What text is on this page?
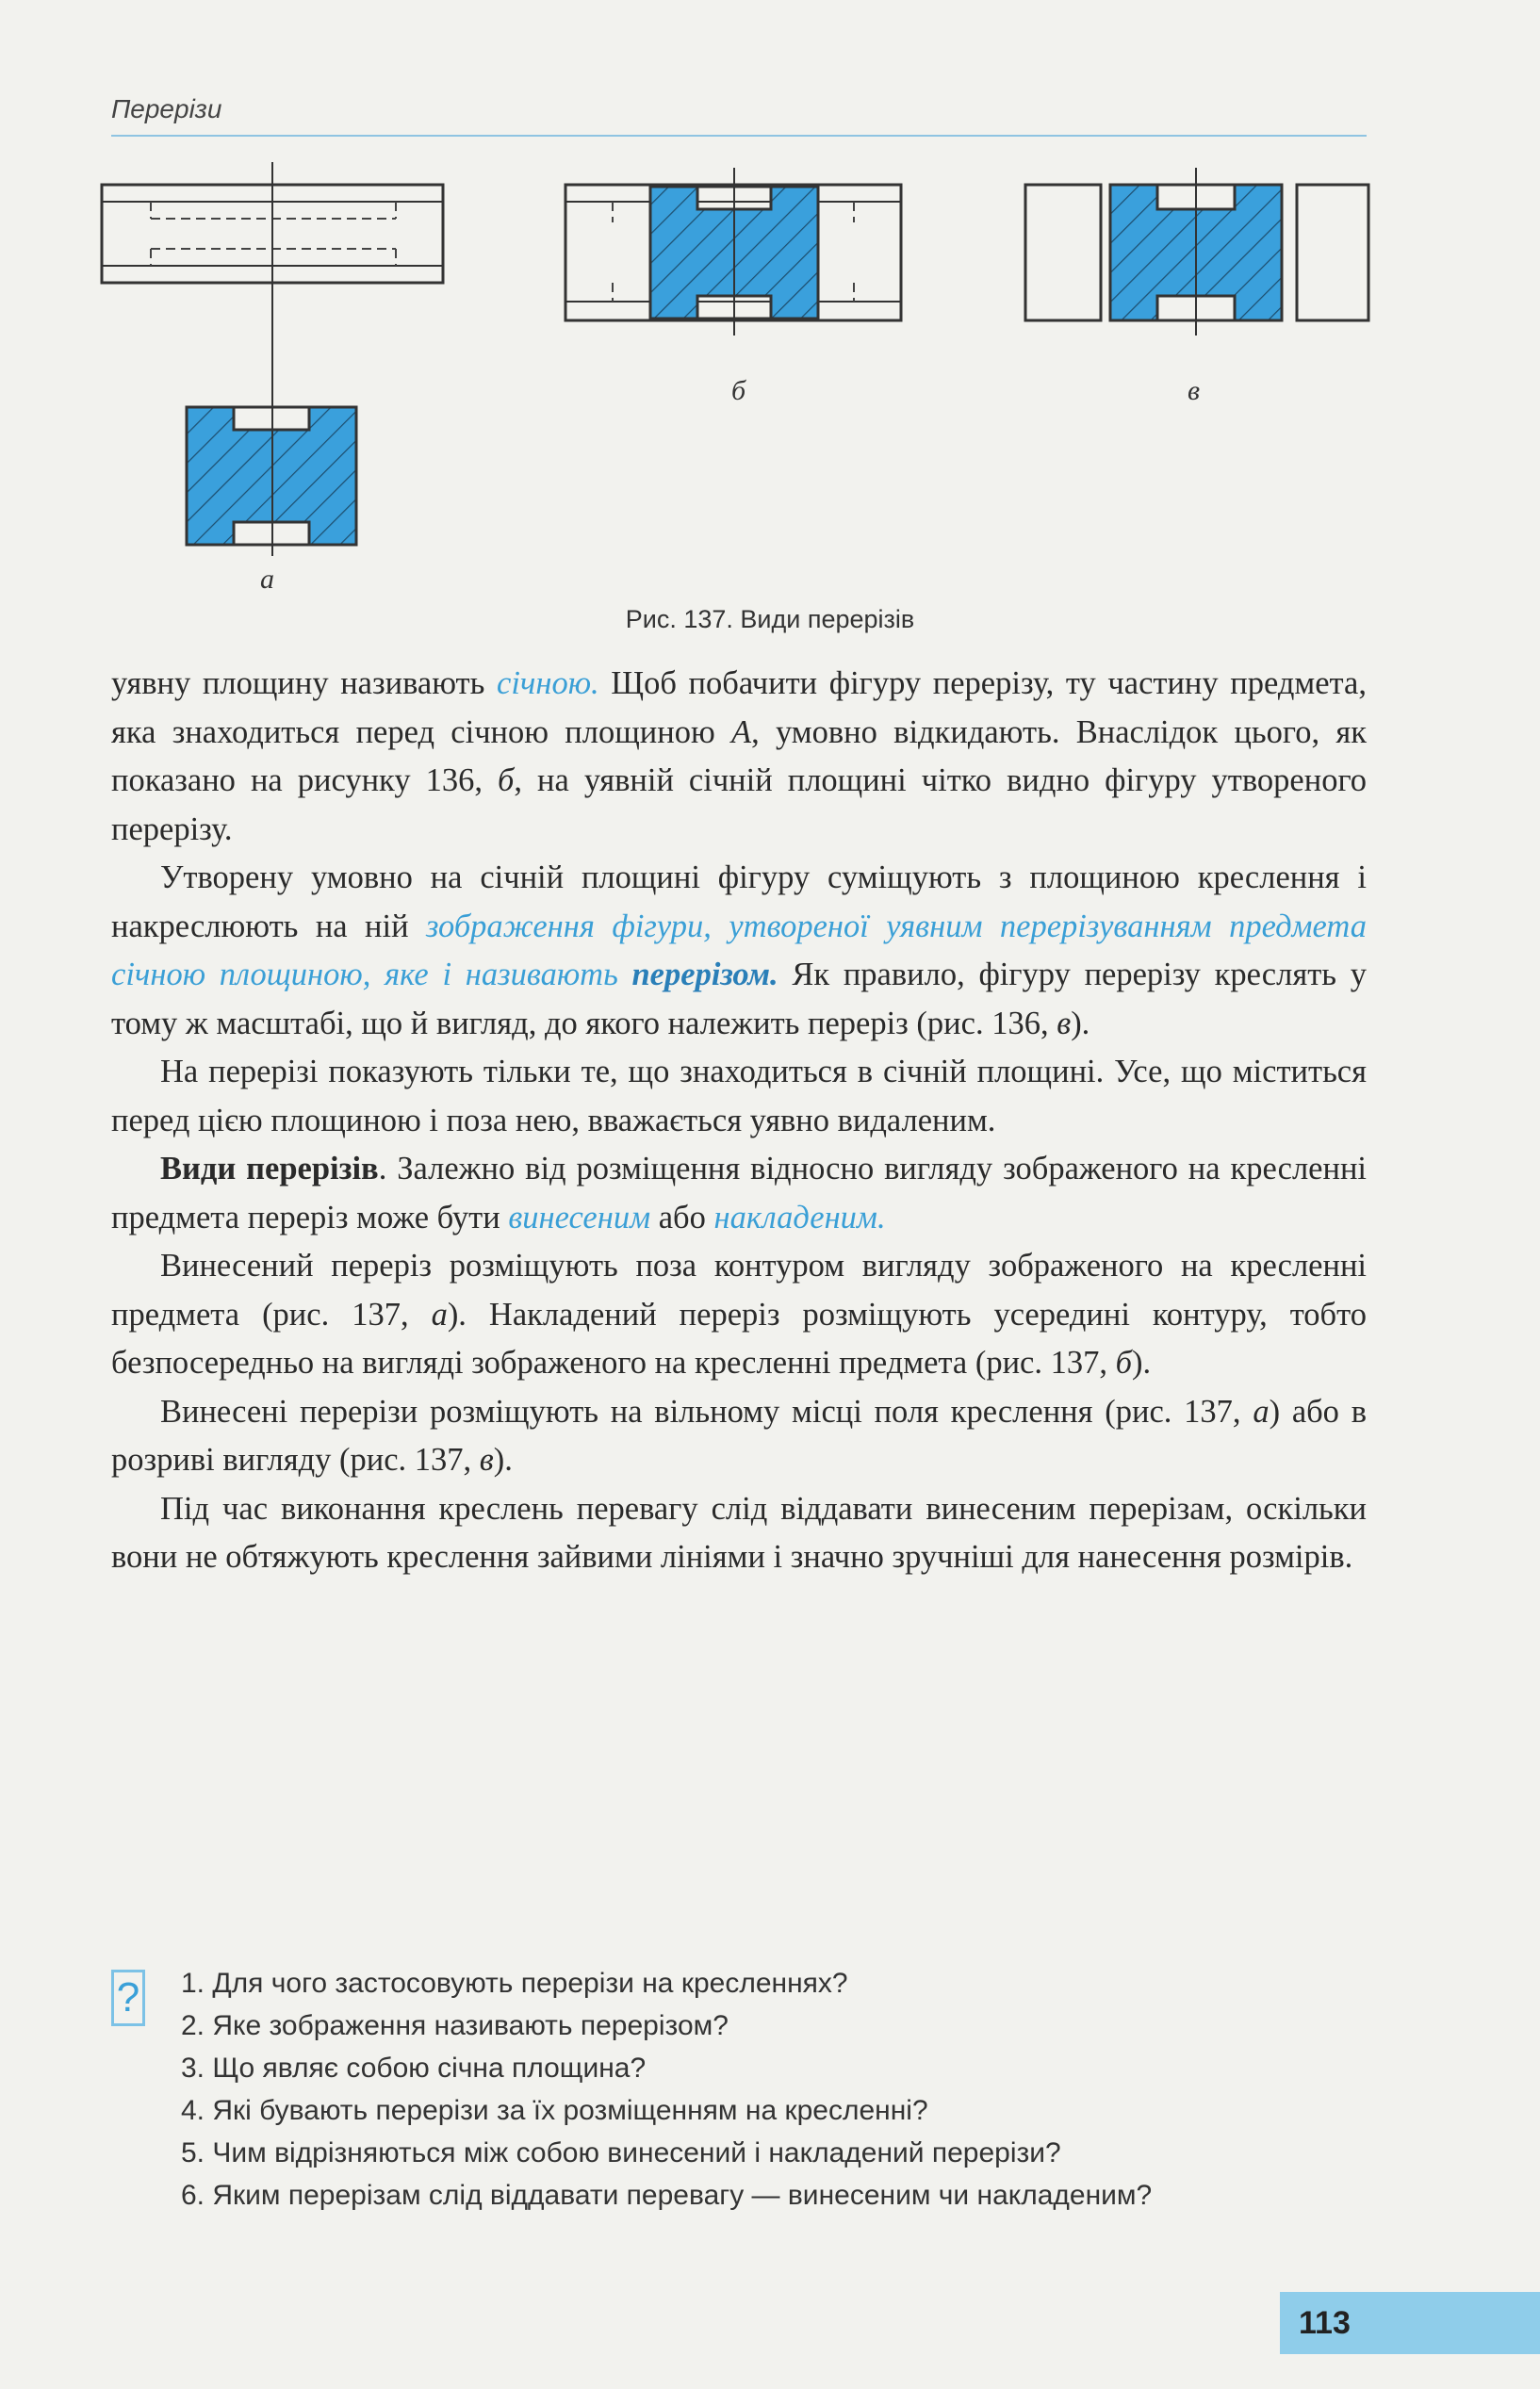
Перерізи
б	в
а
Рис. 137. Види перерізів

уявну площину називають січною. Щоб побачити фігуру перерізу, ту частину предмета, яка знаходиться перед січною площиною А, умовно відкидають. Внаслідок цього, як показано на рисунку 136, б, на уявній січній площині чітко видно фігуру утвореного перерізу.

Утворену умовно на січній площині фігуру суміщують з площиною креслення і накреслюють на ній зображення фігури, утвореної уявним перерізуванням предмета січною площиною, яке і називають перерізом. Як правило, фігуру перерізу креслять у тому ж масштабі, що й вигляд, до якого належить переріз (рис. 136, в).

На перерізі показують тільки те, що знаходиться в січній площині. Усе, що міститься перед цією площиною і поза нею, вважається уявно видаленим.

Види перерізів. Залежно від розміщення відносно вигляду зображеного на кресленні предмета переріз може бути винесеним або накладеним.

Винесений переріз розміщують поза контуром вигляду зображеного на кресленні предмета (рис. 137, а). Накладений переріз розміщують усередині контуру, тобто безпосередньо на вигляді зображеного на кресленні предмета (рис. 137, б).

Винесені перерізи розміщують на вільному місці поля креслення (рис. 137, а) або в розриві вигляду (рис. 137, в).

Під час виконання креслень перевагу слід віддавати винесеним перерізам, оскільки вони не обтяжують креслення зайвими лініями і значно зручніші для нанесення розмірів.

? 1. Для чого застосовують перерізи на кресленнях?
2. Яке зображення називають перерізом?
3. Що являє собою січна площина?
4. Які бувають перерізи за їх розміщенням на кресленні?
5. Чим відрізняються між собою винесений і накладений перерізи?
6. Яким перерізам слід віддавати перевагу — винесеним чи накладеним?
113
